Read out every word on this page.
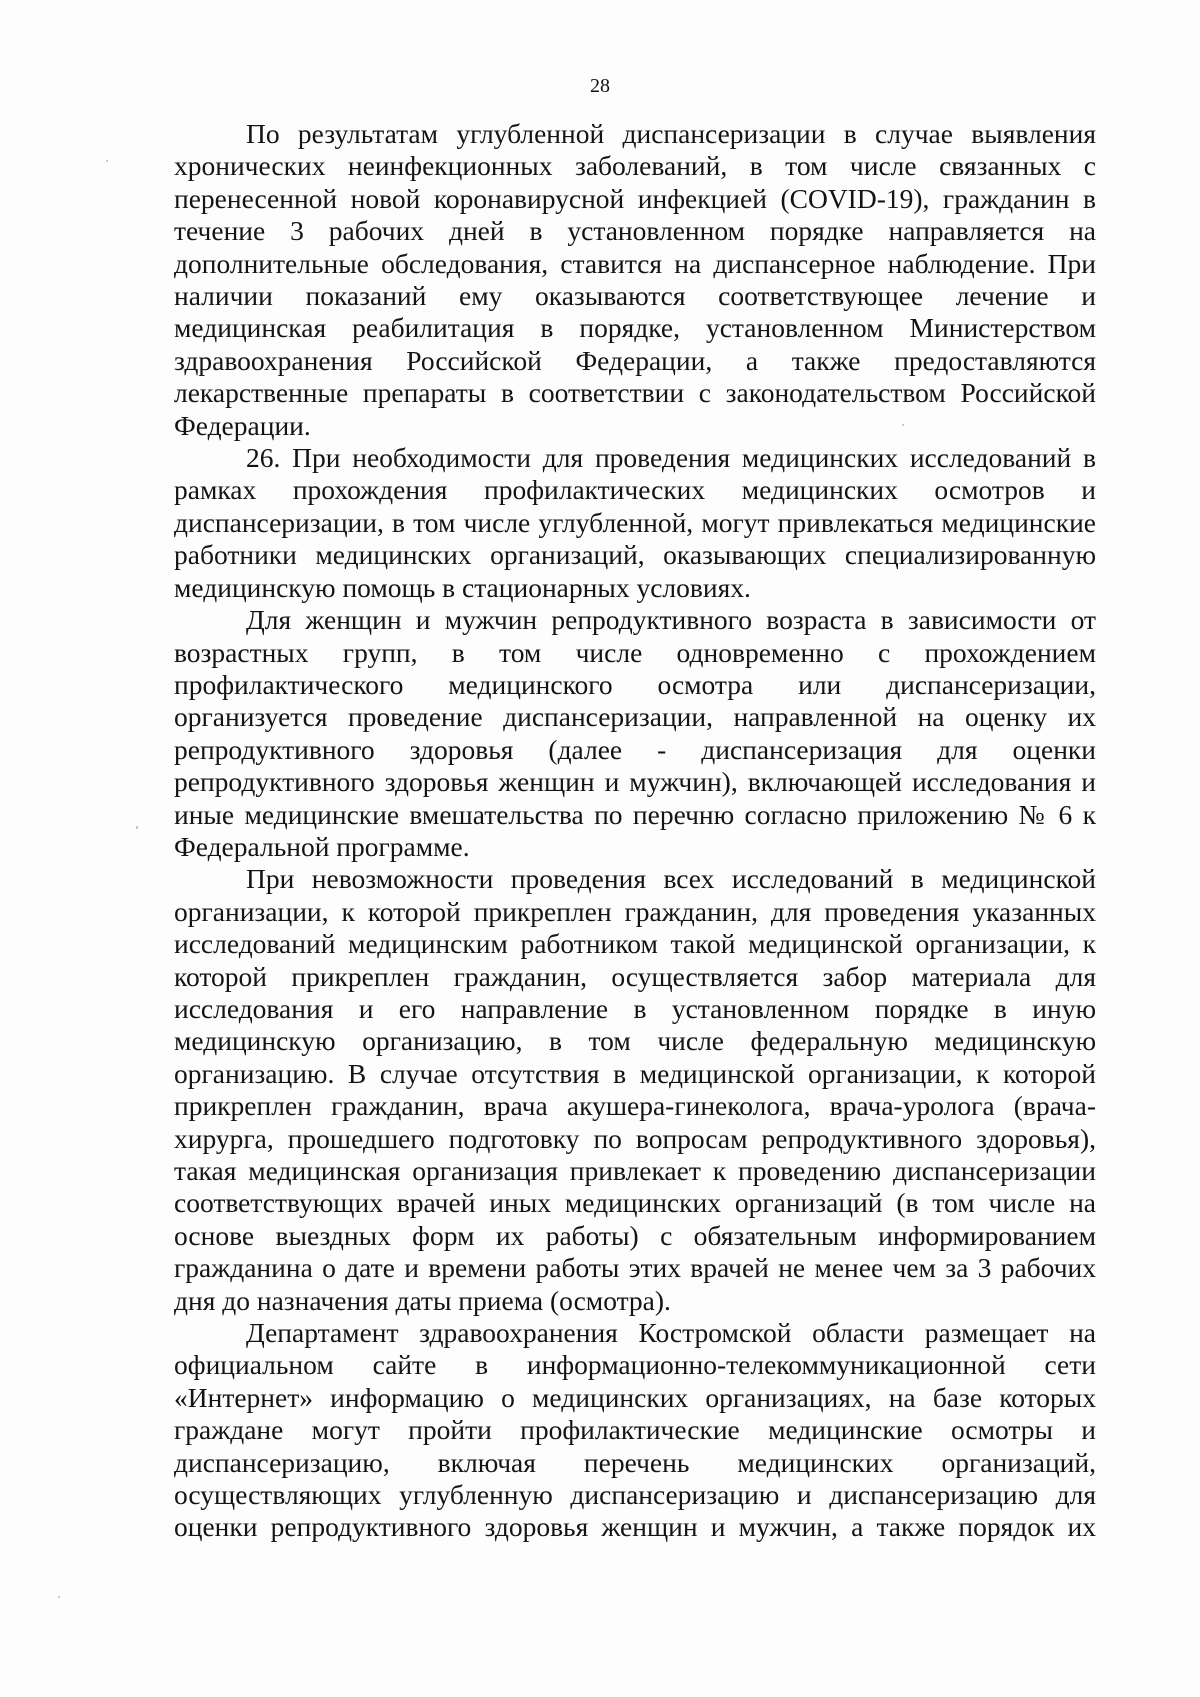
28

По результатам углубленной диспансеризации в случае выявления хронических неинфекционных заболеваний, в том числе связанных с перенесенной новой коронавирусной инфекцией (COVID-19), гражданин в течение 3 рабочих дней в установленном порядке направляется на дополнительные обследования, ставится на диспансерное наблюдение. При наличии показаний ему оказываются соответствующее лечение и медицинская реабилитация в порядке, установленном Министерством здравоохранения Российской Федерации, а также предоставляются лекарственные препараты в соответствии с законодательством Российской Федерации.

26. При необходимости для проведения медицинских исследований в рамках прохождения профилактических медицинских осмотров и диспансеризации, в том числе углубленной, могут привлекаться медицинские работники медицинских организаций, оказывающих специализированную медицинскую помощь в стационарных условиях.

Для женщин и мужчин репродуктивного возраста в зависимости от возрастных групп, в том числе одновременно с прохождением профилактического медицинского осмотра или диспансеризации, организуется проведение диспансеризации, направленной на оценку их репродуктивного здоровья (далее - диспансеризация для оценки репродуктивного здоровья женщин и мужчин), включающей исследования и иные медицинские вмешательства по перечню согласно приложению № 6 к Федеральной программе.

При невозможности проведения всех исследований в медицинской организации, к которой прикреплен гражданин, для проведения указанных исследований медицинским работником такой медицинской организации, к которой прикреплен гражданин, осуществляется забор материала для исследования и его направление в установленном порядке в иную медицинскую организацию, в том числе федеральную медицинскую организацию. В случае отсутствия в медицинской организации, к которой прикреплен гражданин, врача акушера-гинеколога, врача-уролога (врача-хирурга, прошедшего подготовку по вопросам репродуктивного здоровья), такая медицинская организация привлекает к проведению диспансеризации соответствующих врачей иных медицинских организаций (в том числе на основе выездных форм их работы) с обязательным информированием гражданина о дате и времени работы этих врачей не менее чем за 3 рабочих дня до назначения даты приема (осмотра).

Департамент здравоохранения Костромской области размещает на официальном сайте в информационно-телекоммуникационной сети «Интернет» информацию о медицинских организациях, на базе которых граждане могут пройти профилактические медицинские осмотры и диспансеризацию, включая перечень медицинских организаций, осуществляющих углубленную диспансеризацию и диспансеризацию для оценки репродуктивного здоровья женщин и мужчин, а также порядок их
